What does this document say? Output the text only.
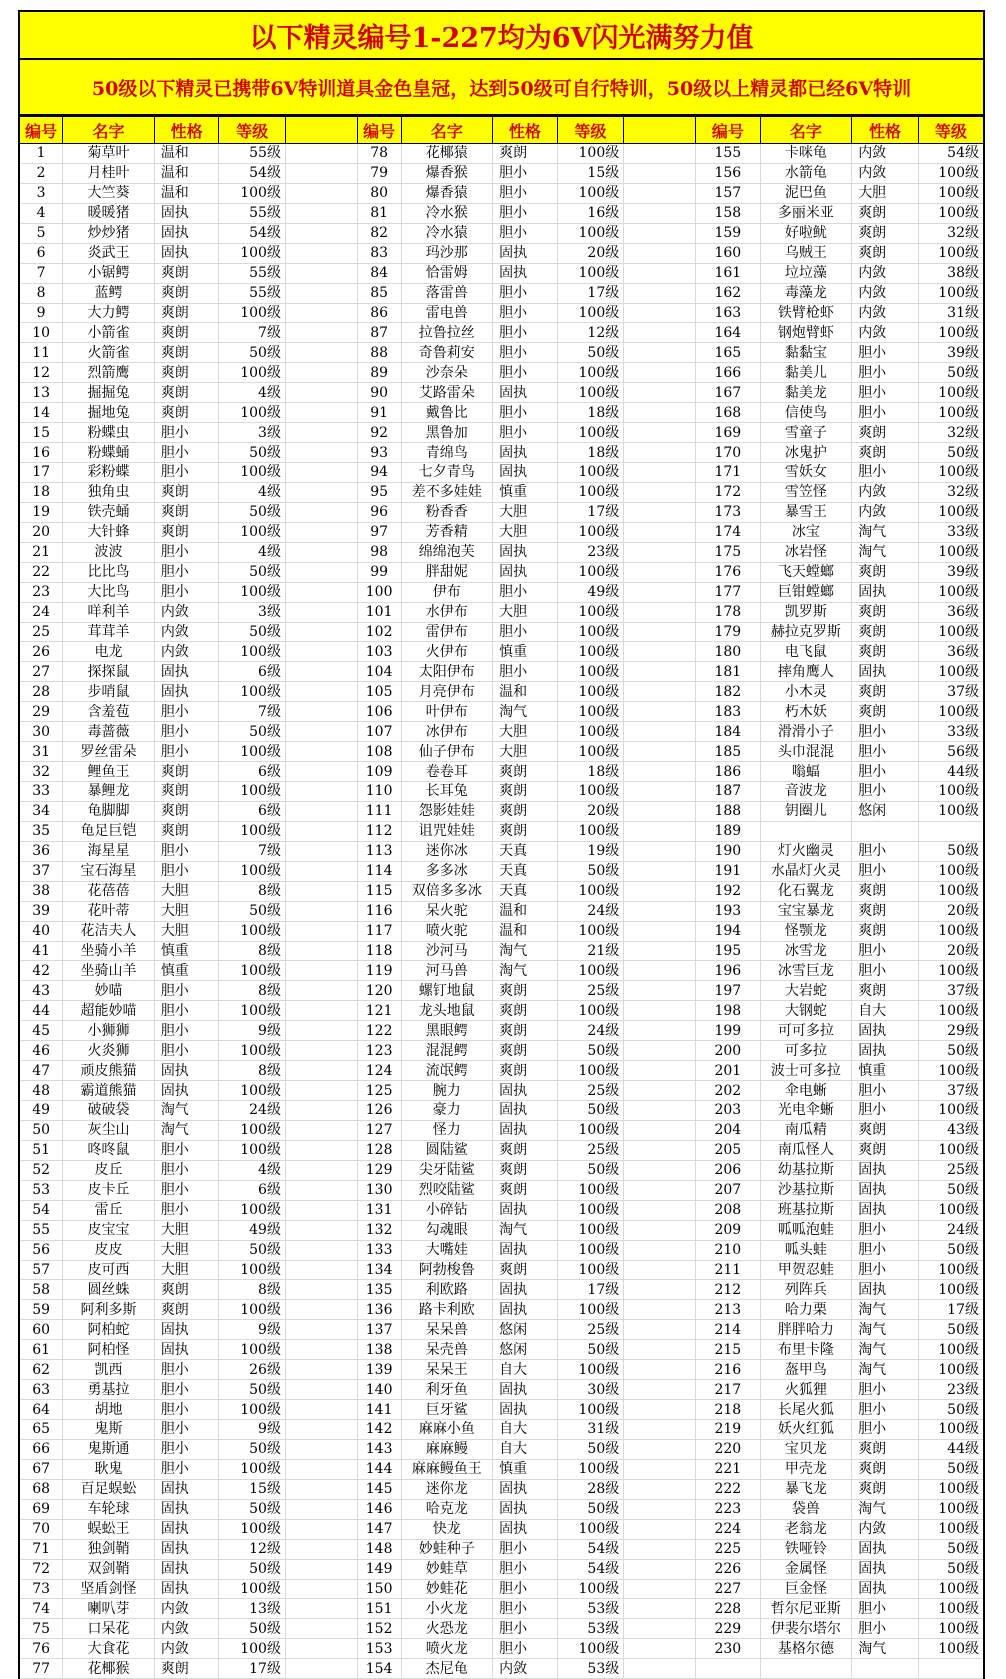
以下精灵编号1-227均为6V闪光满努力值
50级以下精灵已携带6V特训道具金色皇冠，达到50级可自行特训，50级以上精灵都已经6V特训
编号	名字	性格	等级		编号	名字	性格	等级		编号	名字	性格	等级
1	菊草叶	温和	55级		78	花椰猿	爽朗	100级		155	卡咪龟	内敛	54级
2	月桂叶	温和	54级		79	爆香猴	胆小	15级		156	水箭龟	内敛	100级
3	大竺葵	温和	100级		80	爆香猿	胆小	100级		157	泥巴鱼	大胆	100级
4	暖暖猪	固执	55级		81	冷水猴	胆小	16级		158	多丽米亚	爽朗	100级
5	炒炒猪	固执	54级		82	冷水猿	胆小	100级		159	好啦鱿	爽朗	32级
6	炎武王	固执	100级		83	玛沙那	固执	20级		160	乌贼王	爽朗	100级
7	小锯鳄	爽朗	55级		84	恰雷姆	固执	100级		161	垃垃藻	内敛	38级
8	蓝鳄	爽朗	55级		85	落雷兽	胆小	17级		162	毒藻龙	内敛	100级
9	大力鳄	爽朗	100级		86	雷电兽	胆小	100级		163	铁臂枪虾	内敛	31级
10	小箭雀	爽朗	7级		87	拉鲁拉丝	胆小	12级		164	钢炮臂虾	内敛	100级
11	火箭雀	爽朗	50级		88	奇鲁莉安	胆小	50级		165	黏黏宝	胆小	39级
12	烈箭鹰	爽朗	100级		89	沙奈朵	胆小	100级		166	黏美儿	胆小	50级
13	掘掘兔	爽朗	4级		90	艾路雷朵	固执	100级		167	黏美龙	胆小	100级
14	掘地兔	爽朗	100级		91	戴鲁比	胆小	18级		168	信使鸟	胆小	100级
15	粉蝶虫	胆小	3级		92	黑鲁加	胆小	100级		169	雪童子	爽朗	32级
16	粉蝶蛹	胆小	50级		93	青绵鸟	固执	18级		170	冰鬼护	爽朗	50级
17	彩粉蝶	胆小	100级		94	七夕青鸟	固执	100级		171	雪妖女	胆小	100级
18	独角虫	爽朗	4级		95	差不多娃娃	慎重	100级		172	雪笠怪	内敛	32级
19	铁壳蛹	爽朗	50级		96	粉香香	大胆	17级		173	暴雪王	内敛	100级
20	大针蜂	爽朗	100级		97	芳香精	大胆	100级		174	冰宝	淘气	33级
21	波波	胆小	4级		98	绵绵泡芙	固执	23级		175	冰岩怪	淘气	100级
22	比比鸟	胆小	50级		99	胖甜妮	固执	100级		176	飞天螳螂	爽朗	39级
23	大比鸟	胆小	100级		100	伊布	胆小	49级		177	巨钳螳螂	固执	100级
24	咩利羊	内敛	3级		101	水伊布	大胆	100级		178	凯罗斯	爽朗	36级
25	茸茸羊	内敛	50级		102	雷伊布	胆小	100级		179	赫拉克罗斯	爽朗	100级
26	电龙	内敛	100级		103	火伊布	慎重	100级		180	电飞鼠	爽朗	36级
27	探探鼠	固执	6级		104	太阳伊布	胆小	100级		181	摔角鹰人	固执	100级
28	步哨鼠	固执	100级		105	月亮伊布	温和	100级		182	小木灵	爽朗	37级
29	含羞苞	胆小	7级		106	叶伊布	淘气	100级		183	朽木妖	爽朗	100级
30	毒蔷薇	胆小	50级		107	冰伊布	大胆	100级		184	滑滑小子	胆小	33级
31	罗丝雷朵	胆小	100级		108	仙子伊布	大胆	100级		185	头巾混混	胆小	56级
32	鲤鱼王	爽朗	6级		109	卷卷耳	爽朗	18级		186	嗡蝠	胆小	44级
33	暴鲤龙	爽朗	100级		110	长耳兔	爽朗	100级		187	音波龙	胆小	100级
34	龟脚脚	爽朗	6级		111	怨影娃娃	爽朗	20级		188	钥圈儿	悠闲	100级
35	龟足巨铠	爽朗	100级		112	诅咒娃娃	爽朗	100级		189			
36	海星星	胆小	7级		113	迷你冰	天真	19级		190	灯火幽灵	胆小	50级
37	宝石海星	胆小	100级		114	多多冰	天真	50级		191	水晶灯火灵	胆小	100级
38	花蓓蓓	大胆	8级		115	双倍多多冰	天真	100级		192	化石翼龙	爽朗	100级
39	花叶蒂	大胆	50级		116	呆火驼	温和	24级		193	宝宝暴龙	爽朗	20级
40	花洁夫人	大胆	100级		117	喷火驼	温和	100级		194	怪颚龙	爽朗	100级
41	坐骑小羊	慎重	8级		118	沙河马	淘气	21级		195	冰雪龙	胆小	20级
42	坐骑山羊	慎重	100级		119	河马兽	淘气	100级		196	冰雪巨龙	胆小	100级
43	妙喵	胆小	8级		120	螺钉地鼠	爽朗	25级		197	大岩蛇	爽朗	37级
44	超能妙喵	胆小	100级		121	龙头地鼠	爽朗	100级		198	大钢蛇	自大	100级
45	小狮狮	胆小	9级		122	黑眼鳄	爽朗	24级		199	可可多拉	固执	29级
46	火炎狮	胆小	100级		123	混混鳄	爽朗	50级		200	可多拉	固执	50级
47	顽皮熊猫	固执	8级		124	流氓鳄	爽朗	100级		201	波士可多拉	慎重	100级
48	霸道熊猫	固执	100级		125	腕力	固执	25级		202	伞电蜥	胆小	37级
49	破破袋	淘气	24级		126	豪力	固执	50级		203	光电伞蜥	胆小	100级
50	灰尘山	淘气	100级		127	怪力	固执	100级		204	南瓜精	爽朗	43级
51	咚咚鼠	胆小	100级		128	圆陆鲨	爽朗	25级		205	南瓜怪人	爽朗	100级
52	皮丘	胆小	4级		129	尖牙陆鲨	爽朗	50级		206	幼基拉斯	固执	25级
53	皮卡丘	胆小	6级		130	烈咬陆鲨	爽朗	100级		207	沙基拉斯	固执	50级
54	雷丘	胆小	100级		131	小碎钻	固执	100级		208	班基拉斯	固执	100级
55	皮宝宝	大胆	49级		132	勾魂眼	淘气	100级		209	呱呱泡蛙	胆小	24级
56	皮皮	大胆	50级		133	大嘴娃	固执	100级		210	呱头蛙	胆小	50级
57	皮可西	大胆	100级		134	阿勃梭鲁	爽朗	100级		211	甲贺忍蛙	胆小	100级
58	圆丝蛛	爽朗	8级		135	利欧路	固执	17级		212	列阵兵	固执	100级
59	阿利多斯	爽朗	100级		136	路卡利欧	固执	100级		213	哈力栗	淘气	17级
60	阿柏蛇	固执	9级		137	呆呆兽	悠闲	25级		214	胖胖哈力	淘气	50级
61	阿柏怪	固执	100级		138	呆壳兽	悠闲	50级		215	布里卡隆	淘气	100级
62	凯西	胆小	26级		139	呆呆王	自大	100级		216	盔甲鸟	淘气	100级
63	勇基拉	胆小	50级		140	利牙鱼	固执	30级		217	火狐狸	胆小	23级
64	胡地	胆小	100级		141	巨牙鲨	固执	100级		218	长尾火狐	胆小	50级
65	鬼斯	胆小	9级		142	麻麻小鱼	自大	31级		219	妖火红狐	胆小	100级
66	鬼斯通	胆小	50级		143	麻麻鳗	自大	50级		220	宝贝龙	爽朗	44级
67	耿鬼	胆小	100级		144	麻麻鳗鱼王	慎重	100级		221	甲壳龙	爽朗	50级
68	百足蜈蚣	固执	15级		145	迷你龙	固执	28级		222	暴飞龙	爽朗	100级
69	车轮球	固执	50级		146	哈克龙	固执	50级		223	袋兽	淘气	100级
70	蜈蚣王	固执	100级		147	快龙	固执	100级		224	老翁龙	内敛	100级
71	独剑鞘	固执	12级		148	妙蛙种子	胆小	54级		225	铁哑铃	固执	50级
72	双剑鞘	固执	50级		149	妙蛙草	胆小	54级		226	金属怪	固执	50级
73	坚盾剑怪	固执	100级		150	妙蛙花	胆小	100级		227	巨金怪	固执	100级
74	喇叭芽	内敛	13级		151	小火龙	胆小	53级		228	哲尔尼亚斯	胆小	100级
75	口呆花	内敛	50级		152	火恐龙	胆小	53级		229	伊裴尔塔尔	胆小	100级
76	大食花	内敛	100级		153	喷火龙	胆小	100级		230	基格尔德	淘气	100级
77	花椰猴	爽朗	17级		154	杰尼龟	内敛	53级					
